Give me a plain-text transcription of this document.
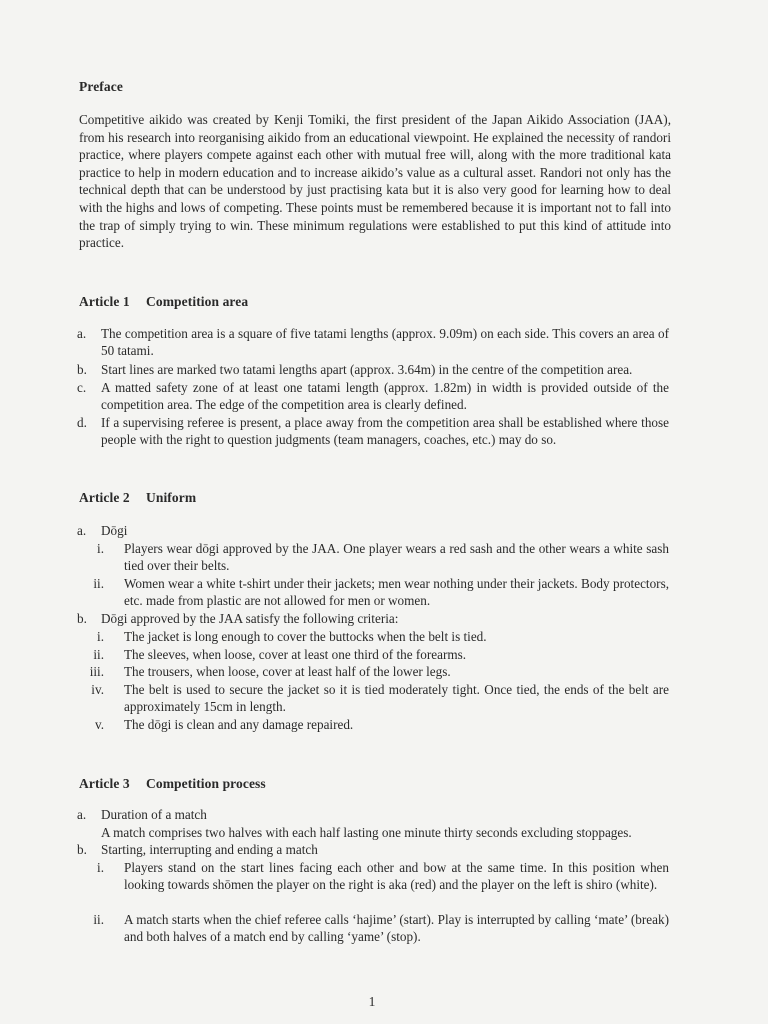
Preface
Competitive aikido was created by Kenji Tomiki, the first president of the Japan Aikido Association (JAA), from his research into reorganising aikido from an educational viewpoint. He explained the necessity of randori practice, where players compete against each other with mutual free will, along with the more traditional kata practice to help in modern education and to increase aikido’s value as a cultural asset. Randori not only has the technical depth that can be understood by just practising kata but it is also very good for learning how to deal with the highs and lows of competing. These points must be remembered because it is important not to fall into the trap of simply trying to win. These minimum regulations were established to put this kind of attitude into practice.
Article 1 Competition area
a.	The competition area is a square of five tatami lengths (approx. 9.09m) on each side. This covers an area of 50 tatami.
b.	Start lines are marked two tatami lengths apart (approx. 3.64m) in the centre of the competition area.
c.	A matted safety zone of at least one tatami length (approx. 1.82m) in width is provided outside of the competition area. The edge of the competition area is clearly defined.
d.	If a supervising referee is present, a place away from the competition area shall be established where those people with the right to question judgments (team managers, coaches, etc.) may do so.
Article 2 Uniform
a.	Dōgi
i. Players wear dōgi approved by the JAA. One player wears a red sash and the other wears a white sash tied over their belts.
ii. Women wear a white t-shirt under their jackets; men wear nothing under their jackets. Body protectors, etc. made from plastic are not allowed for men or women.
b.	Dōgi approved by the JAA satisfy the following criteria:
i. The jacket is long enough to cover the buttocks when the belt is tied.
ii. The sleeves, when loose, cover at least one third of the forearms.
iii. The trousers, when loose, cover at least half of the lower legs.
iv. The belt is used to secure the jacket so it is tied moderately tight. Once tied, the ends of the belt are approximately 15cm in length.
v. The dōgi is clean and any damage repaired.
Article 3 Competition process
a.	Duration of a match
A match comprises two halves with each half lasting one minute thirty seconds excluding stoppages.
b.	Starting, interrupting and ending a match
i. Players stand on the start lines facing each other and bow at the same time. In this position when looking towards shōmen the player on the right is aka (red) and the player on the left is shiro (white).
ii. A match starts when the chief referee calls ‘hajime’ (start). Play is interrupted by calling ‘mate’ (break) and both halves of a match end by calling ‘yame’ (stop).
1
